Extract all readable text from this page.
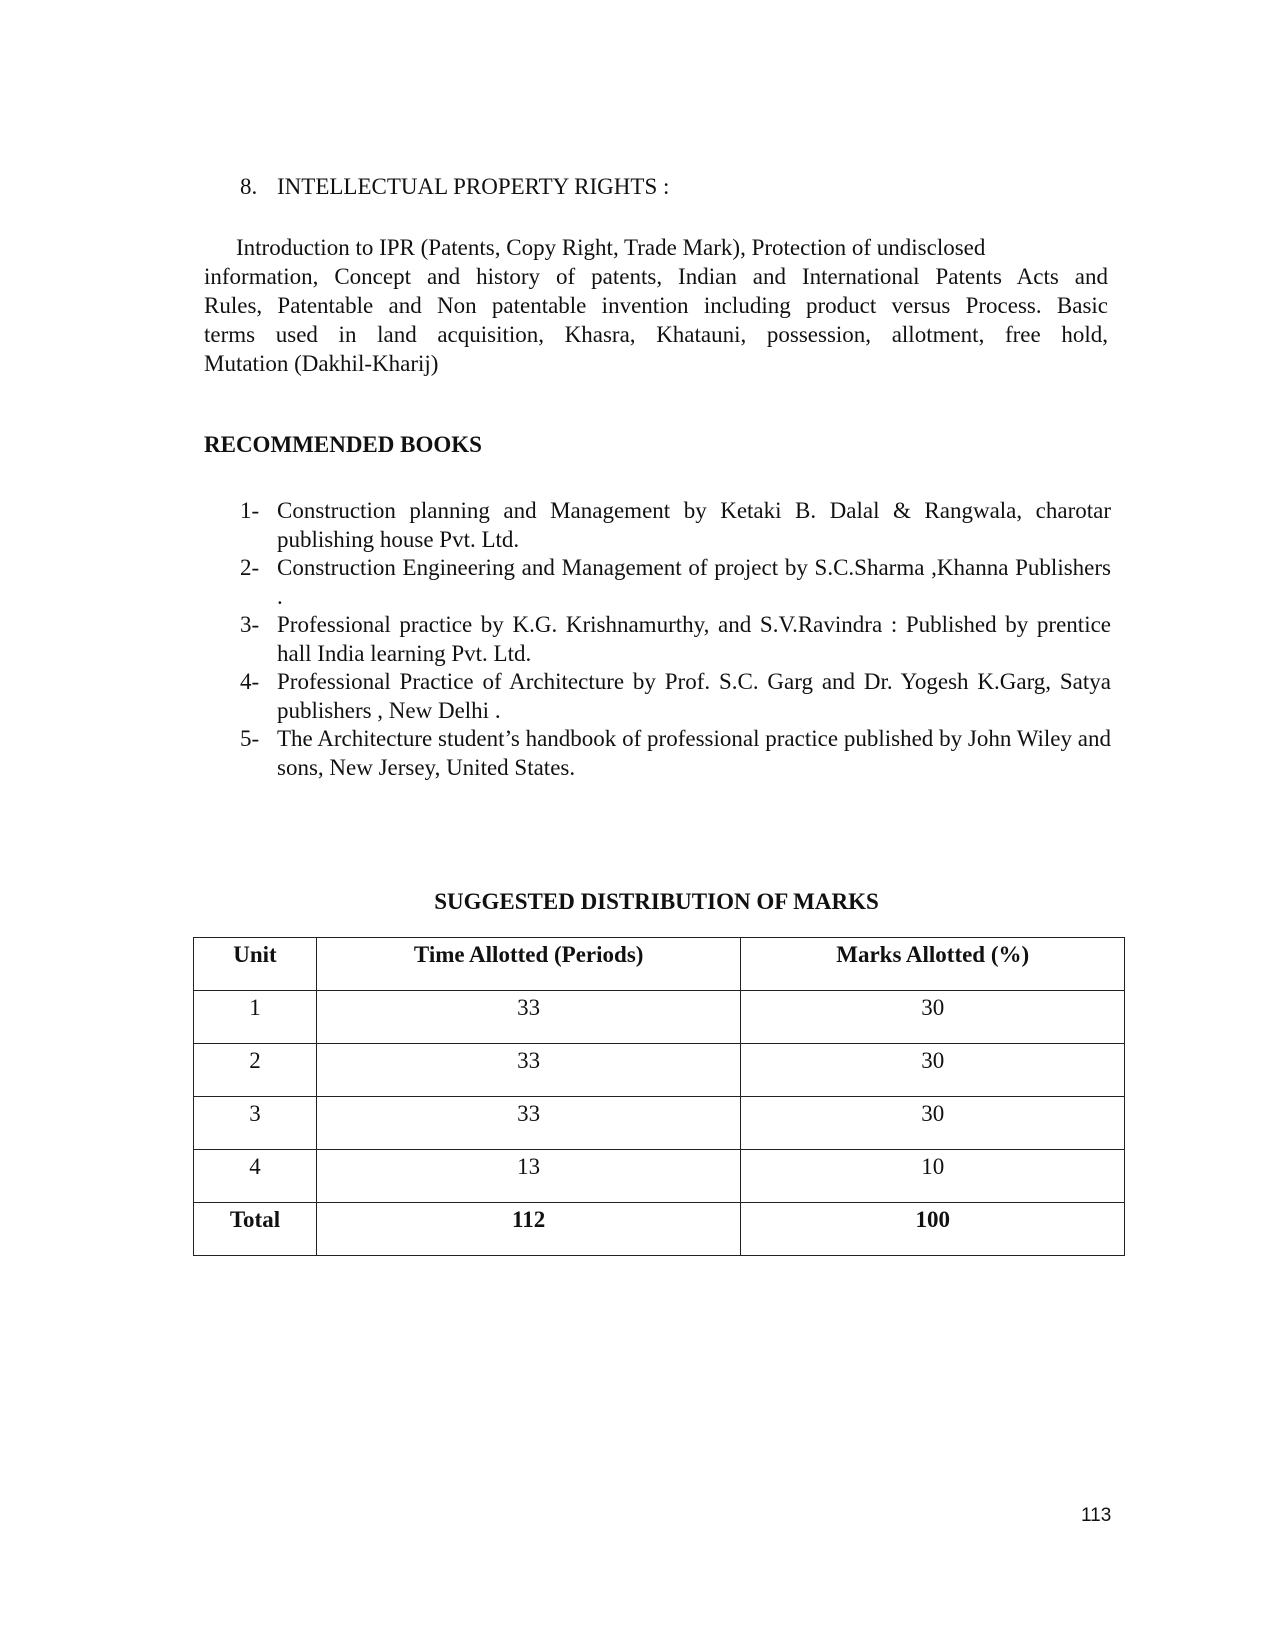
8. INTELLECTUAL PROPERTY RIGHTS :
Introduction to IPR (Patents, Copy Right, Trade Mark), Protection of undisclosed
information, Concept and history of patents, Indian and International Patents Acts and
Rules, Patentable and Non patentable invention including product versus Process. Basic
terms used in land acquisition, Khasra, Khatauni, possession, allotment, free hold,
Mutation (Dakhil-Kharij)
RECOMMENDED BOOKS
1- Construction planning and Management by Ketaki B. Dalal & Rangwala, charotar publishing house Pvt. Ltd.
2- Construction Engineering and Management of project by S.C.Sharma ,Khanna Publishers .
3- Professional practice by K.G. Krishnamurthy, and S.V.Ravindra : Published by prentice hall India learning Pvt. Ltd.
4- Professional Practice of Architecture by Prof. S.C. Garg and Dr. Yogesh K.Garg, Satya publishers , New Delhi .
5- The Architecture student’s handbook of professional practice published by John Wiley and sons, New Jersey, United States.
SUGGESTED DISTRIBUTION OF MARKS
Unit	Time Allotted (Periods)	Marks Allotted (%)
1	33	30
2	33	30
3	33	30
4	13	10
Total	112	100
113
